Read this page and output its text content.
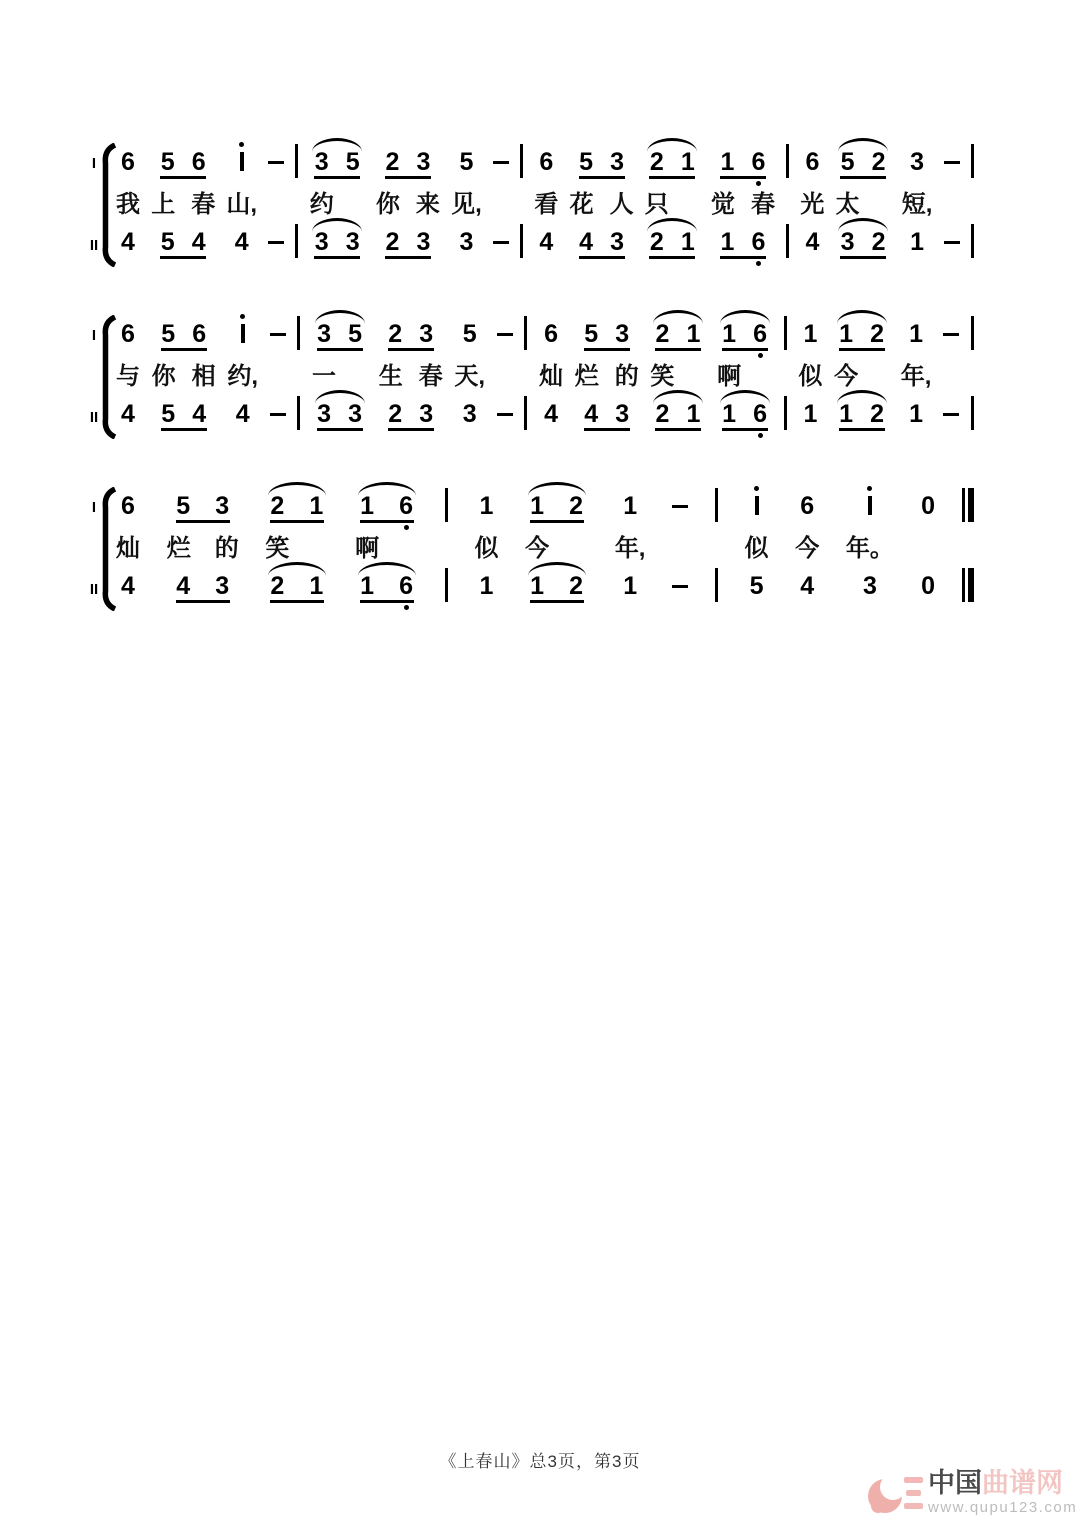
I
II
6
我
4
5 6
上 春
5 4
山,
4
3 5
约
3 3
2 3
你 来
2 3
5
见,
3
6
看
4
5 3
花 人
4 3
2 1
只
2 1
1 6
觉 春
1 6
6
光
4
5 2
太
3 2
3
短,
1
I
II
6
与
4
5 6
你 相
5 4
约,
4
3 5
一
3 3
2 3
生 春
2 3
5
天,
3
6
灿
4
5 3
烂 的
4 3
2 1
笑
2 1
1 6
啊
1 6
1
似
1
1 2
今
1 2
1
年,
1
I
II
6
灿
4
5 3
烂 的
4 3
2 1
笑
2 1
1 6
啊
1 6
1
似
1
1 2
今
1 2
1
年,
1
似
5
6
今
4
年。
3
0
0
《上春山》总3页，第3页
中国曲谱网
www.qupu123.com
